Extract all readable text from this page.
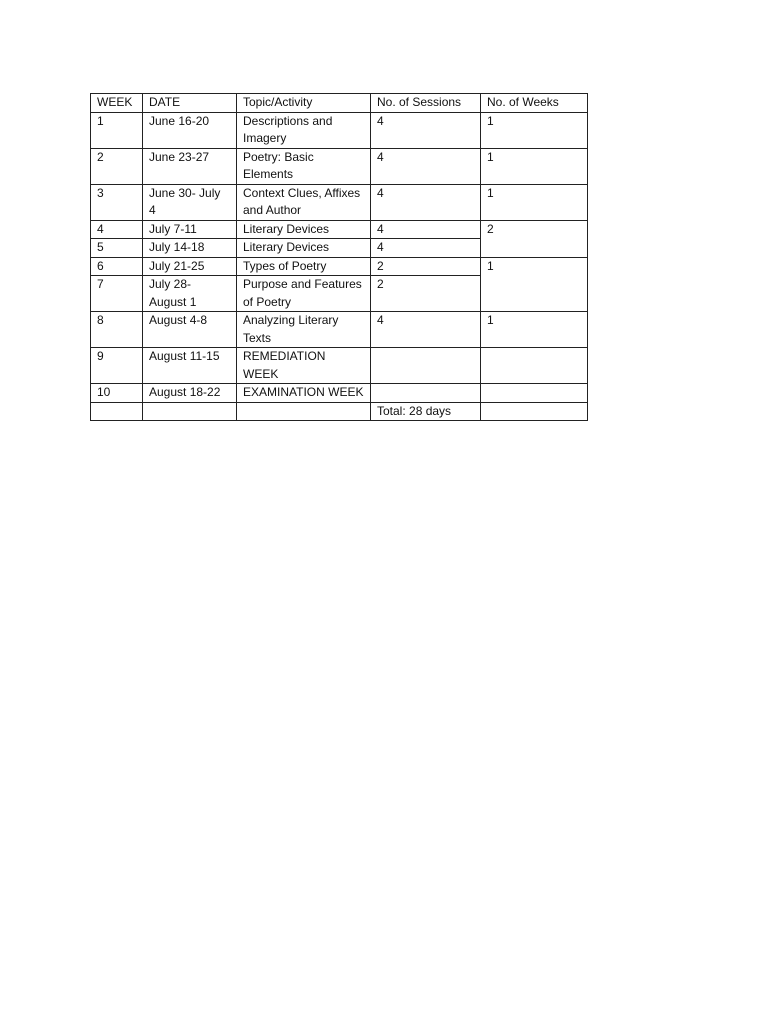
WEEK	DATE	Topic/Activity	No. of Sessions	No. of Weeks
1	June 16-20	Descriptions and Imagery	4	1
2	June 23-27	Poetry: Basic Elements	4	1
3	June 30- July 4	Context Clues, Affixes and Author	4	1
4	July 7-11	Literary Devices	4	2
5	July 14-18	Literary Devices	4	
6	July 21-25	Types of Poetry	2	1
7	July 28- August 1	Purpose and Features of Poetry	2	
8	August 4-8	Analyzing Literary Texts	4	1
9	August 11-15	REMEDIATION WEEK		
10	August 18-22	EXAMINATION WEEK		
			Total: 28 days	
